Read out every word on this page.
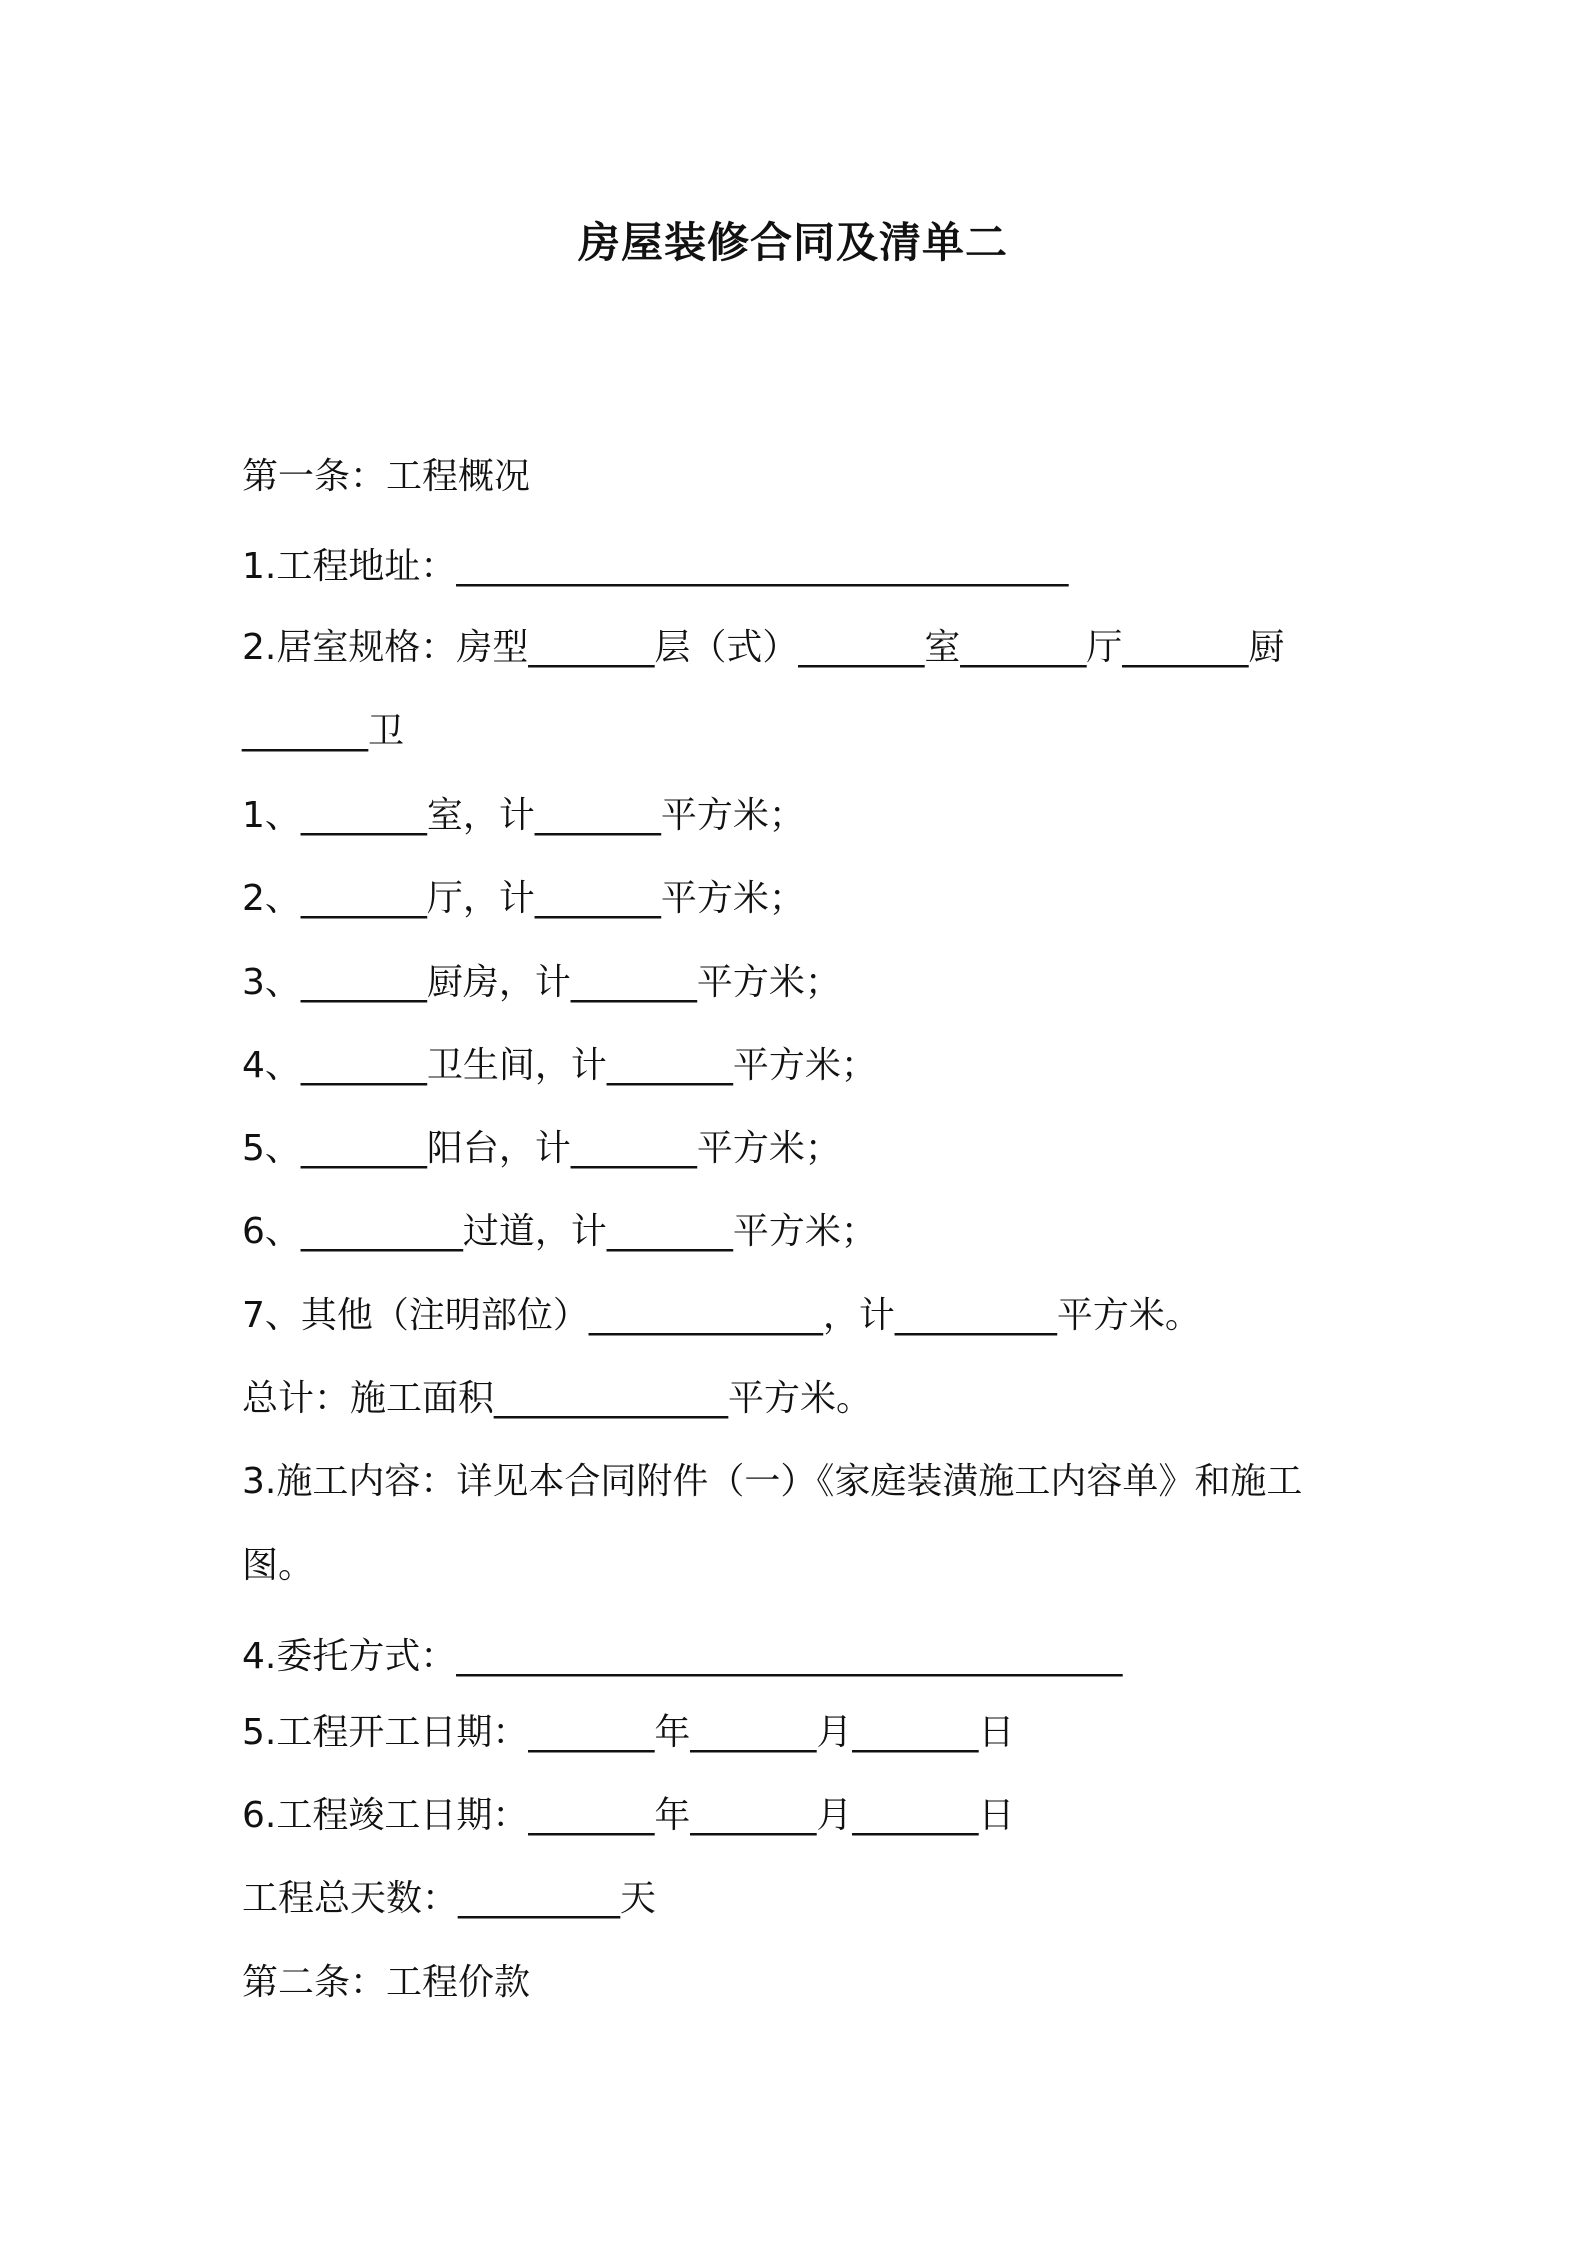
房屋装修合同及清单二
第一条：工程概况
1.工程地址：__________________________________
2.居室规格：房型_______层（式）_______室_______厅_______厨
_______卫
1、_______室，计_______平方米；
2、_______厅，计_______平方米；
3、_______厨房，计_______平方米；
4、_______卫生间，计_______平方米；
5、_______阳台，计_______平方米；
6、_________过道，计_______平方米；
7、其他（注明部位）_____________，计_________平方米。
总计：施工面积_____________平方米。
3.施工内容：详见本合同附件（一）《家庭装潢施工内容单》和施工
图。
4.委托方式：_____________________________________
5.工程开工日期：_______年_______月_______日
6.工程竣工日期：_______年_______月_______日
工程总天数：_________天
第二条：工程价款
